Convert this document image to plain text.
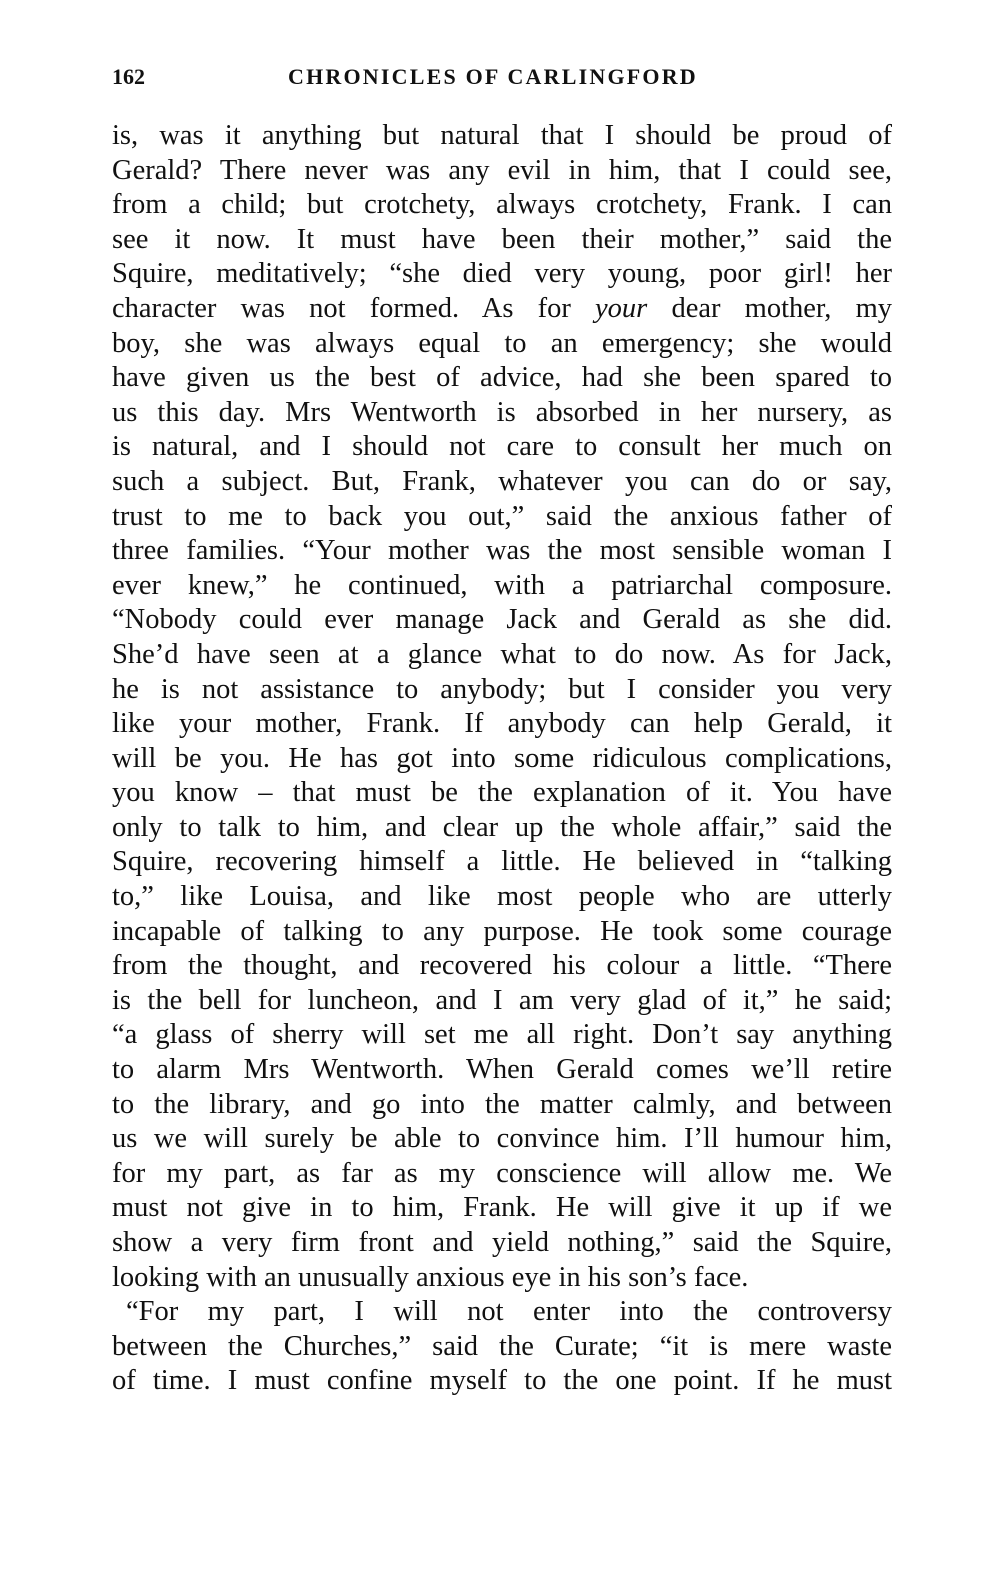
162	CHRONICLES OF CARLINGFORD
is, was it anything but natural that I should be proud of
Gerald? There never was any evil in him, that I could see,
from a child; but crotchety, always crotchety, Frank. I can
see it now. It must have been their mother,” said the
Squire, meditatively; “she died very young, poor girl! her
character was not formed. As for your dear mother, my
boy, she was always equal to an emergency; she would
have given us the best of advice, had she been spared to
us this day. Mrs Wentworth is absorbed in her nursery, as
is natural, and I should not care to consult her much on
such a subject. But, Frank, whatever you can do or say,
trust to me to back you out,” said the anxious father of
three families. “Your mother was the most sensible woman I
ever knew,” he continued, with a patriarchal composure.
“Nobody could ever manage Jack and Gerald as she did.
She’d have seen at a glance what to do now. As for Jack,
he is not assistance to anybody; but I consider you very
like your mother, Frank. If anybody can help Gerald, it
will be you. He has got into some ridiculous complications,
you know – that must be the explanation of it. You have
only to talk to him, and clear up the whole affair,” said the
Squire, recovering himself a little. He believed in “talking
to,” like Louisa, and like most people who are utterly
incapable of talking to any purpose. He took some courage
from the thought, and recovered his colour a little. “There
is the bell for luncheon, and I am very glad of it,” he said;
“a glass of sherry will set me all right. Don’t say anything
to alarm Mrs Wentworth. When Gerald comes we’ll retire
to the library, and go into the matter calmly, and between
us we will surely be able to convince him. I’ll humour him,
for my part, as far as my conscience will allow me. We
must not give in to him, Frank. He will give it up if we
show a very firm front and yield nothing,” said the Squire,
looking with an unusually anxious eye in his son’s face.
“For my part, I will not enter into the controversy
between the Churches,” said the Curate; “it is mere waste
of time. I must confine myself to the one point. If he must
